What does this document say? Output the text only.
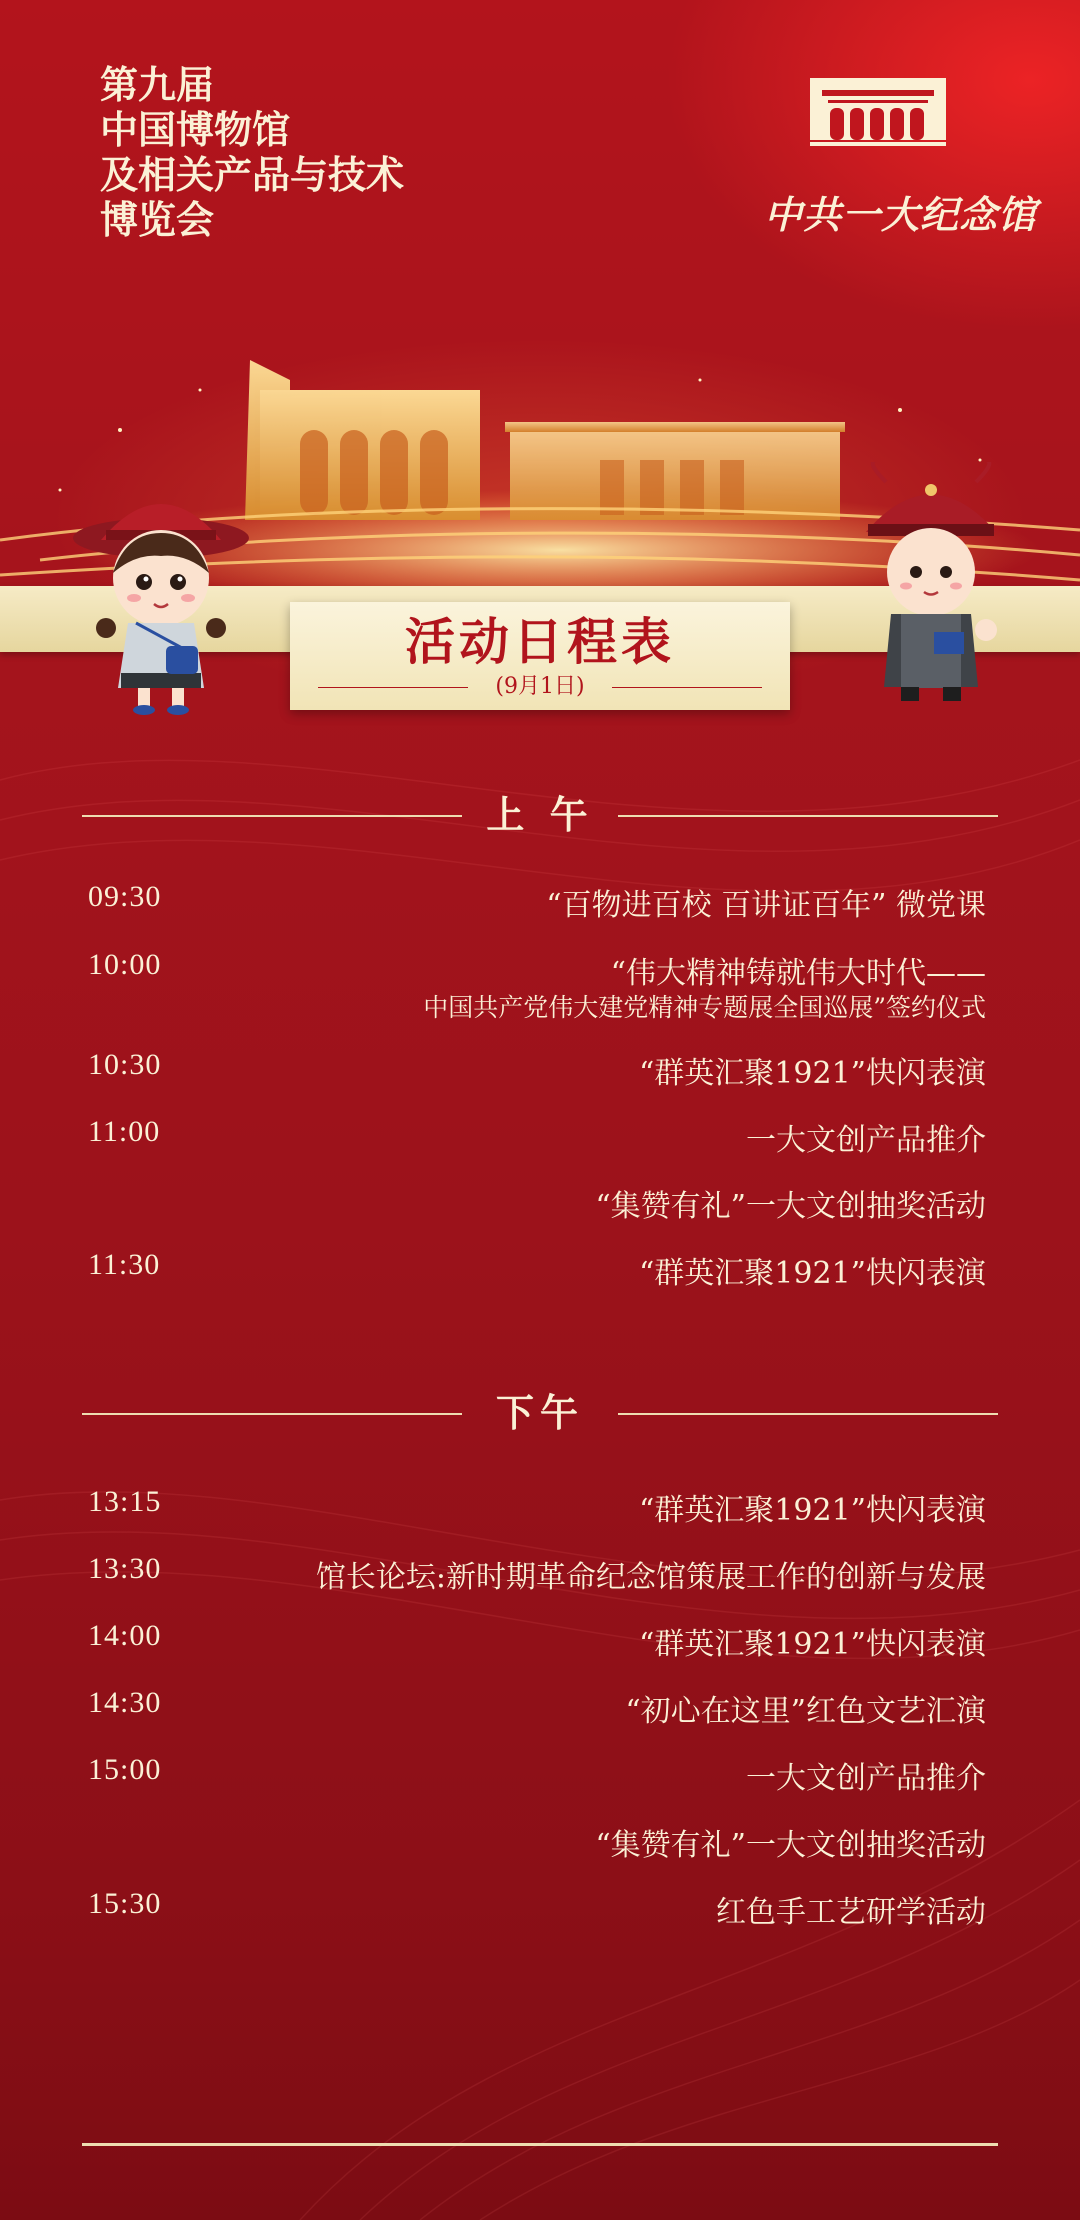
第九届
中国博物馆
及相关产品与技术
博览会	中共一大纪念馆
活动日程表
(9月1日)
上 午
09:30	“百物进百校 百讲证百年” 微党课
10:00	“伟大精神铸就伟大时代——
中国共产党伟大建党精神专题展全国巡展”签约仪式
10:30	“群英汇聚1921”快闪表演
11:00	一大文创产品推介
“集赞有礼”一大文创抽奖活动
11:30	“群英汇聚1921”快闪表演
下午
13:15	“群英汇聚1921”快闪表演
13:30	馆长论坛:新时期革命纪念馆策展工作的创新与发展
14:00	“群英汇聚1921”快闪表演
14:30	“初心在这里”红色文艺汇演
15:00	一大文创产品推介
“集赞有礼”一大文创抽奖活动
15:30	红色手工艺研学活动
